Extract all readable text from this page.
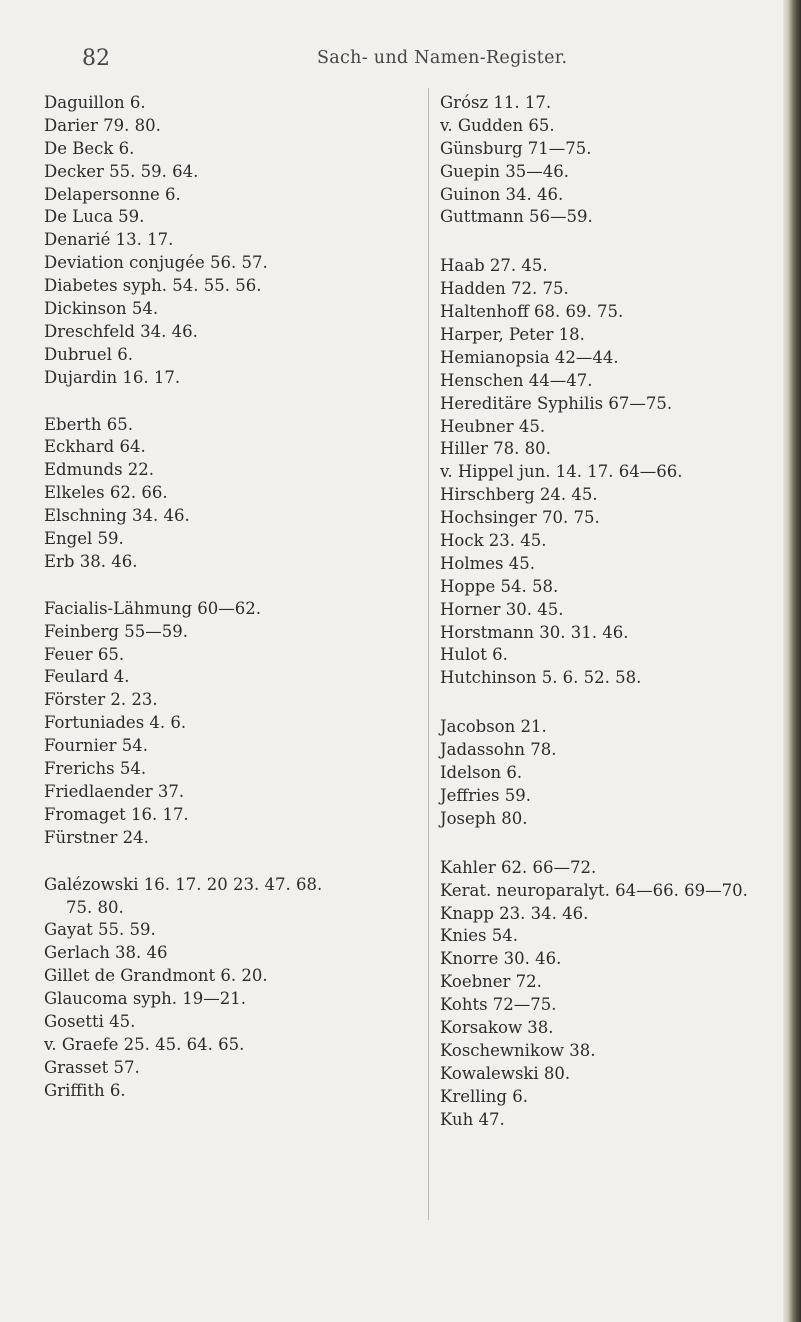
82	Sach- und Namen-Register.
Daguillon 6.
Darier 79. 80.
De Beck 6.
Decker 55. 59. 64.
Delapersonne 6.
De Luca 59.
Denarié 13. 17.
Deviation conjugée 56. 57.
Diabetes syph. 54. 55. 56.
Dickinson 54.
Dreschfeld 34. 46.
Dubruel 6.
Dujardin 16. 17.
Eberth 65.
Eckhard 64.
Edmunds 22.
Elkeles 62. 66.
Elschning 34. 46.
Engel 59.
Erb 38. 46.
Facialis-Lähmung 60—62.
Feinberg 55—59.
Feuer 65.
Feulard 4.
Förster 2. 23.
Fortuniades 4. 6.
Fournier 54.
Frerichs 54.
Friedlaender 37.
Fromaget 16. 17.
Fürstner 24.
Galézowski 16. 17. 20 23. 47. 68.
75. 80.
Gayat 55. 59.
Gerlach 38. 46
Gillet de Grandmont 6. 20.
Glaucoma syph. 19—21.
Gosetti 45.
v. Graefe 25. 45. 64. 65.
Grasset 57.
Griffith 6.
Grósz 11. 17.
v. Gudden 65.
Günsburg 71—75.
Guepin 35—46.
Guinon 34. 46.
Guttmann 56—59.
Haab 27. 45.
Hadden 72. 75.
Haltenhoff 68. 69. 75.
Harper, Peter 18.
Hemianopsia 42—44.
Henschen 44—47.
Hereditäre Syphilis 67—75.
Heubner 45.
Hiller 78. 80.
v. Hippel jun. 14. 17. 64—66.
Hirschberg 24. 45.
Hochsinger 70. 75.
Hock 23. 45.
Holmes 45.
Hoppe 54. 58.
Horner 30. 45.
Horstmann 30. 31. 46.
Hulot 6.
Hutchinson 5. 6. 52. 58.
Jacobson 21.
Jadassohn 78.
Idelson 6.
Jeffries 59.
Joseph 80.
Kahler 62. 66—72.
Kerat. neuroparalyt. 64—66. 69—70.
Knapp 23. 34. 46.
Knies 54.
Knorre 30. 46.
Koebner 72.
Kohts 72—75.
Korsakow 38.
Koschewnikow 38.
Kowalewski 80.
Krelling 6.
Kuh 47.
